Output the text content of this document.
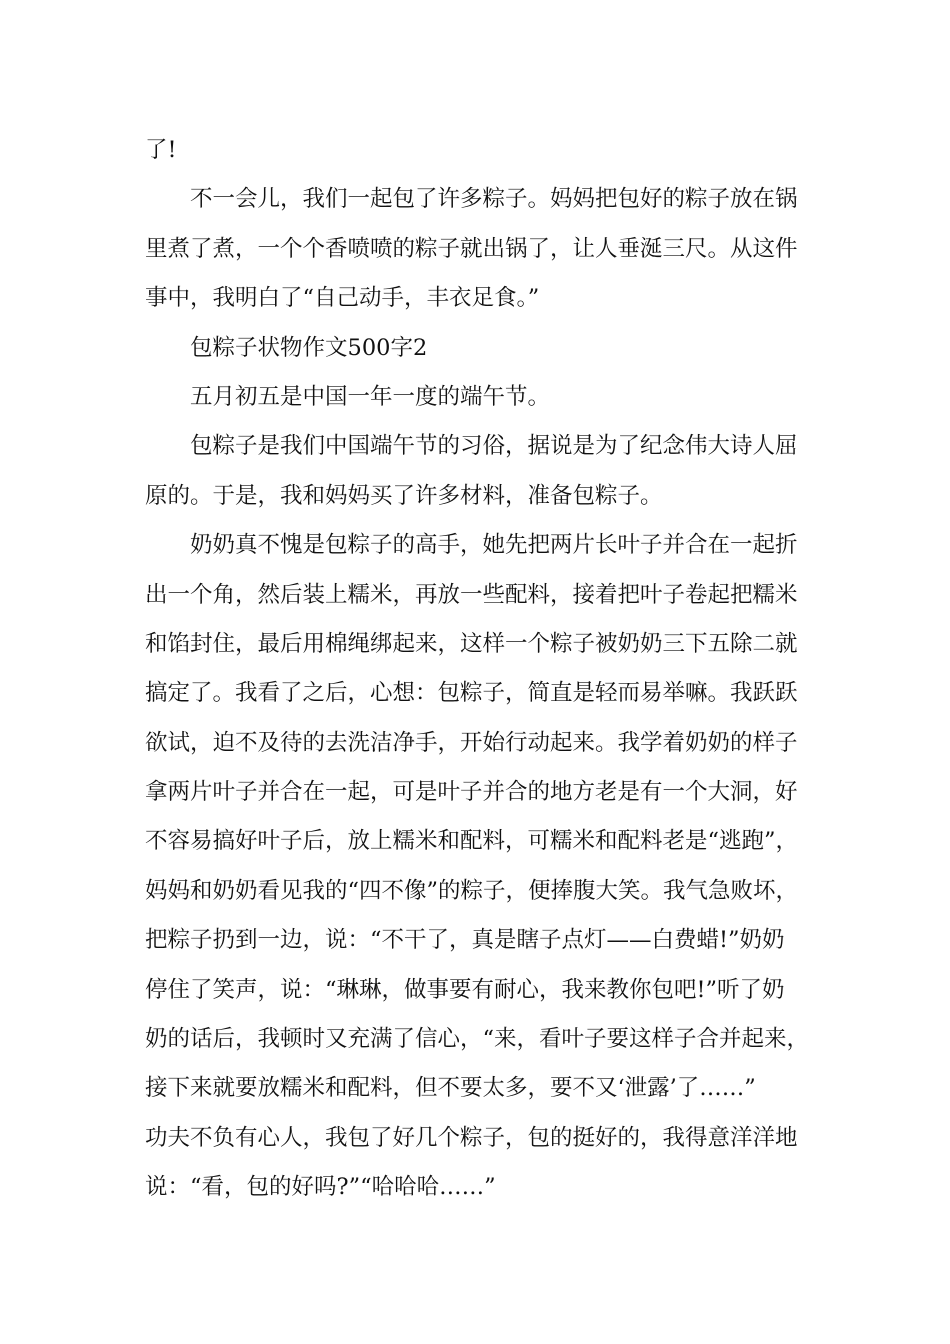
了!
不一会儿，我们一起包了许多粽子。妈妈把包好的粽子放在锅
里煮了煮，一个个香喷喷的粽子就出锅了，让人垂涎三尺。从这件
事中，我明白了“自己动手，丰衣足食。”
包粽子状物作文500字2
五月初五是中国一年一度的端午节。
包粽子是我们中国端午节的习俗，据说是为了纪念伟大诗人屈
原的。于是，我和妈妈买了许多材料，准备包粽子。
奶奶真不愧是包粽子的高手，她先把两片长叶子并合在一起折
出一个角，然后装上糯米，再放一些配料，接着把叶子卷起把糯米
和馅封住，最后用棉绳绑起来，这样一个粽子被奶奶三下五除二就
搞定了。我看了之后，心想：包粽子，简直是轻而易举嘛。我跃跃
欲试，迫不及待的去洗洁净手，开始行动起来。我学着奶奶的样子
拿两片叶子并合在一起，可是叶子并合的地方老是有一个大洞，好
不容易搞好叶子后，放上糯米和配料，可糯米和配料老是“逃跑”，
妈妈和奶奶看见我的“四不像”的粽子，便捧腹大笑。我气急败坏，
把粽子扔到一边，说：“不干了，真是瞎子点灯——白费蜡!”奶奶
停住了笑声，说：“琳琳，做事要有耐心，我来教你包吧!”听了奶
奶的话后，我顿时又充满了信心，“来，看叶子要这样子合并起来，
接下来就要放糯米和配料，但不要太多，要不又‘泄露’了……”
功夫不负有心人，我包了好几个粽子，包的挺好的，我得意洋洋地
说：“看，包的好吗?”“哈哈哈……”
